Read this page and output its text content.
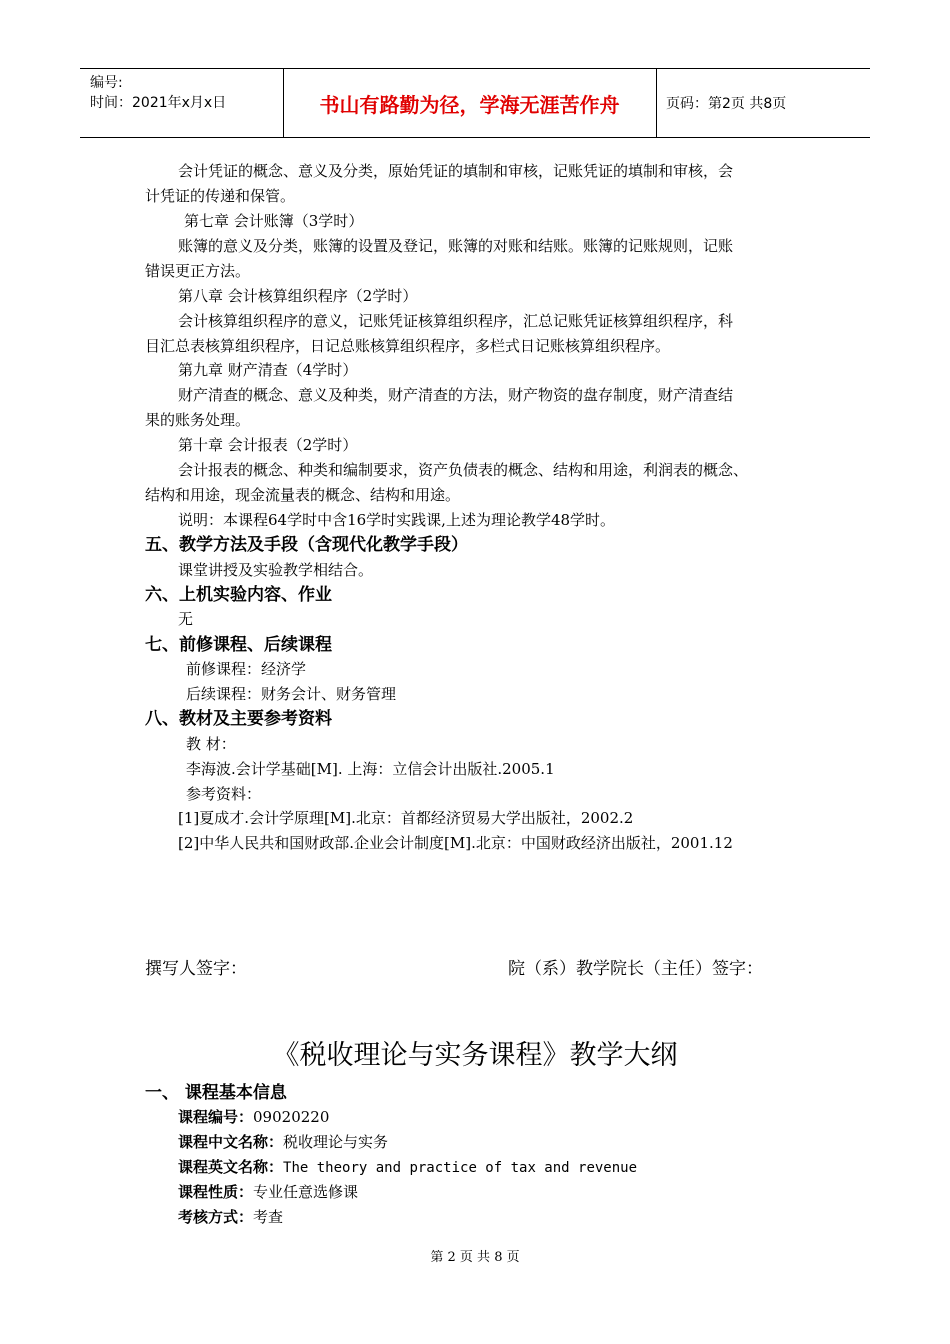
编号:
时间：2021年x月x日	书山有路勤为径，学海无涯苦作舟	页码：第2页 共8页
会计凭证的概念、意义及分类，原始凭证的填制和审核，记账凭证的填制和审核，会
计凭证的传递和保管。
第七章 会计账簿（3学时）
账簿的意义及分类，账簿的设置及登记，账簿的对账和结账。账簿的记账规则，记账
错误更正方法。
第八章 会计核算组织程序（2学时）
会计核算组织程序的意义，记账凭证核算组织程序，汇总记账凭证核算组织程序，科
目汇总表核算组织程序，日记总账核算组织程序，多栏式日记账核算组织程序。
第九章 财产清查（4学时）
财产清查的概念、意义及种类，财产清查的方法，财产物资的盘存制度，财产清查结
果的账务处理。
第十章 会计报表（2学时）
会计报表的概念、种类和编制要求，资产负债表的概念、结构和用途，利润表的概念、
结构和用途，现金流量表的概念、结构和用途。
说明：本课程64学时中含16学时实践课,上述为理论教学48学时。
五、教学方法及手段（含现代化教学手段）
课堂讲授及实验教学相结合。
六、上机实验内容、作业
无
七、前修课程、后续课程
前修课程：经济学
后续课程：财务会计、财务管理
八、教材及主要参考资料
教 材：
李海波.会计学基础[M]. 上海：立信会计出版社.2005.1
参考资料：
[1]夏成才.会计学原理[M].北京：首都经济贸易大学出版社，2002.2
[2]中华人民共和国财政部.企业会计制度[M].北京：中国财政经济出版社，2001.12
撰写人签字：	院（系）教学院长（主任）签字：
《税收理论与实务课程》教学大纲
一、 课程基本信息
课程编号：09020220
课程中文名称：税收理论与实务
课程英文名称：The theory and practice of tax and revenue
课程性质：专业任意选修课
考核方式：考查
第 2 页 共 8 页
